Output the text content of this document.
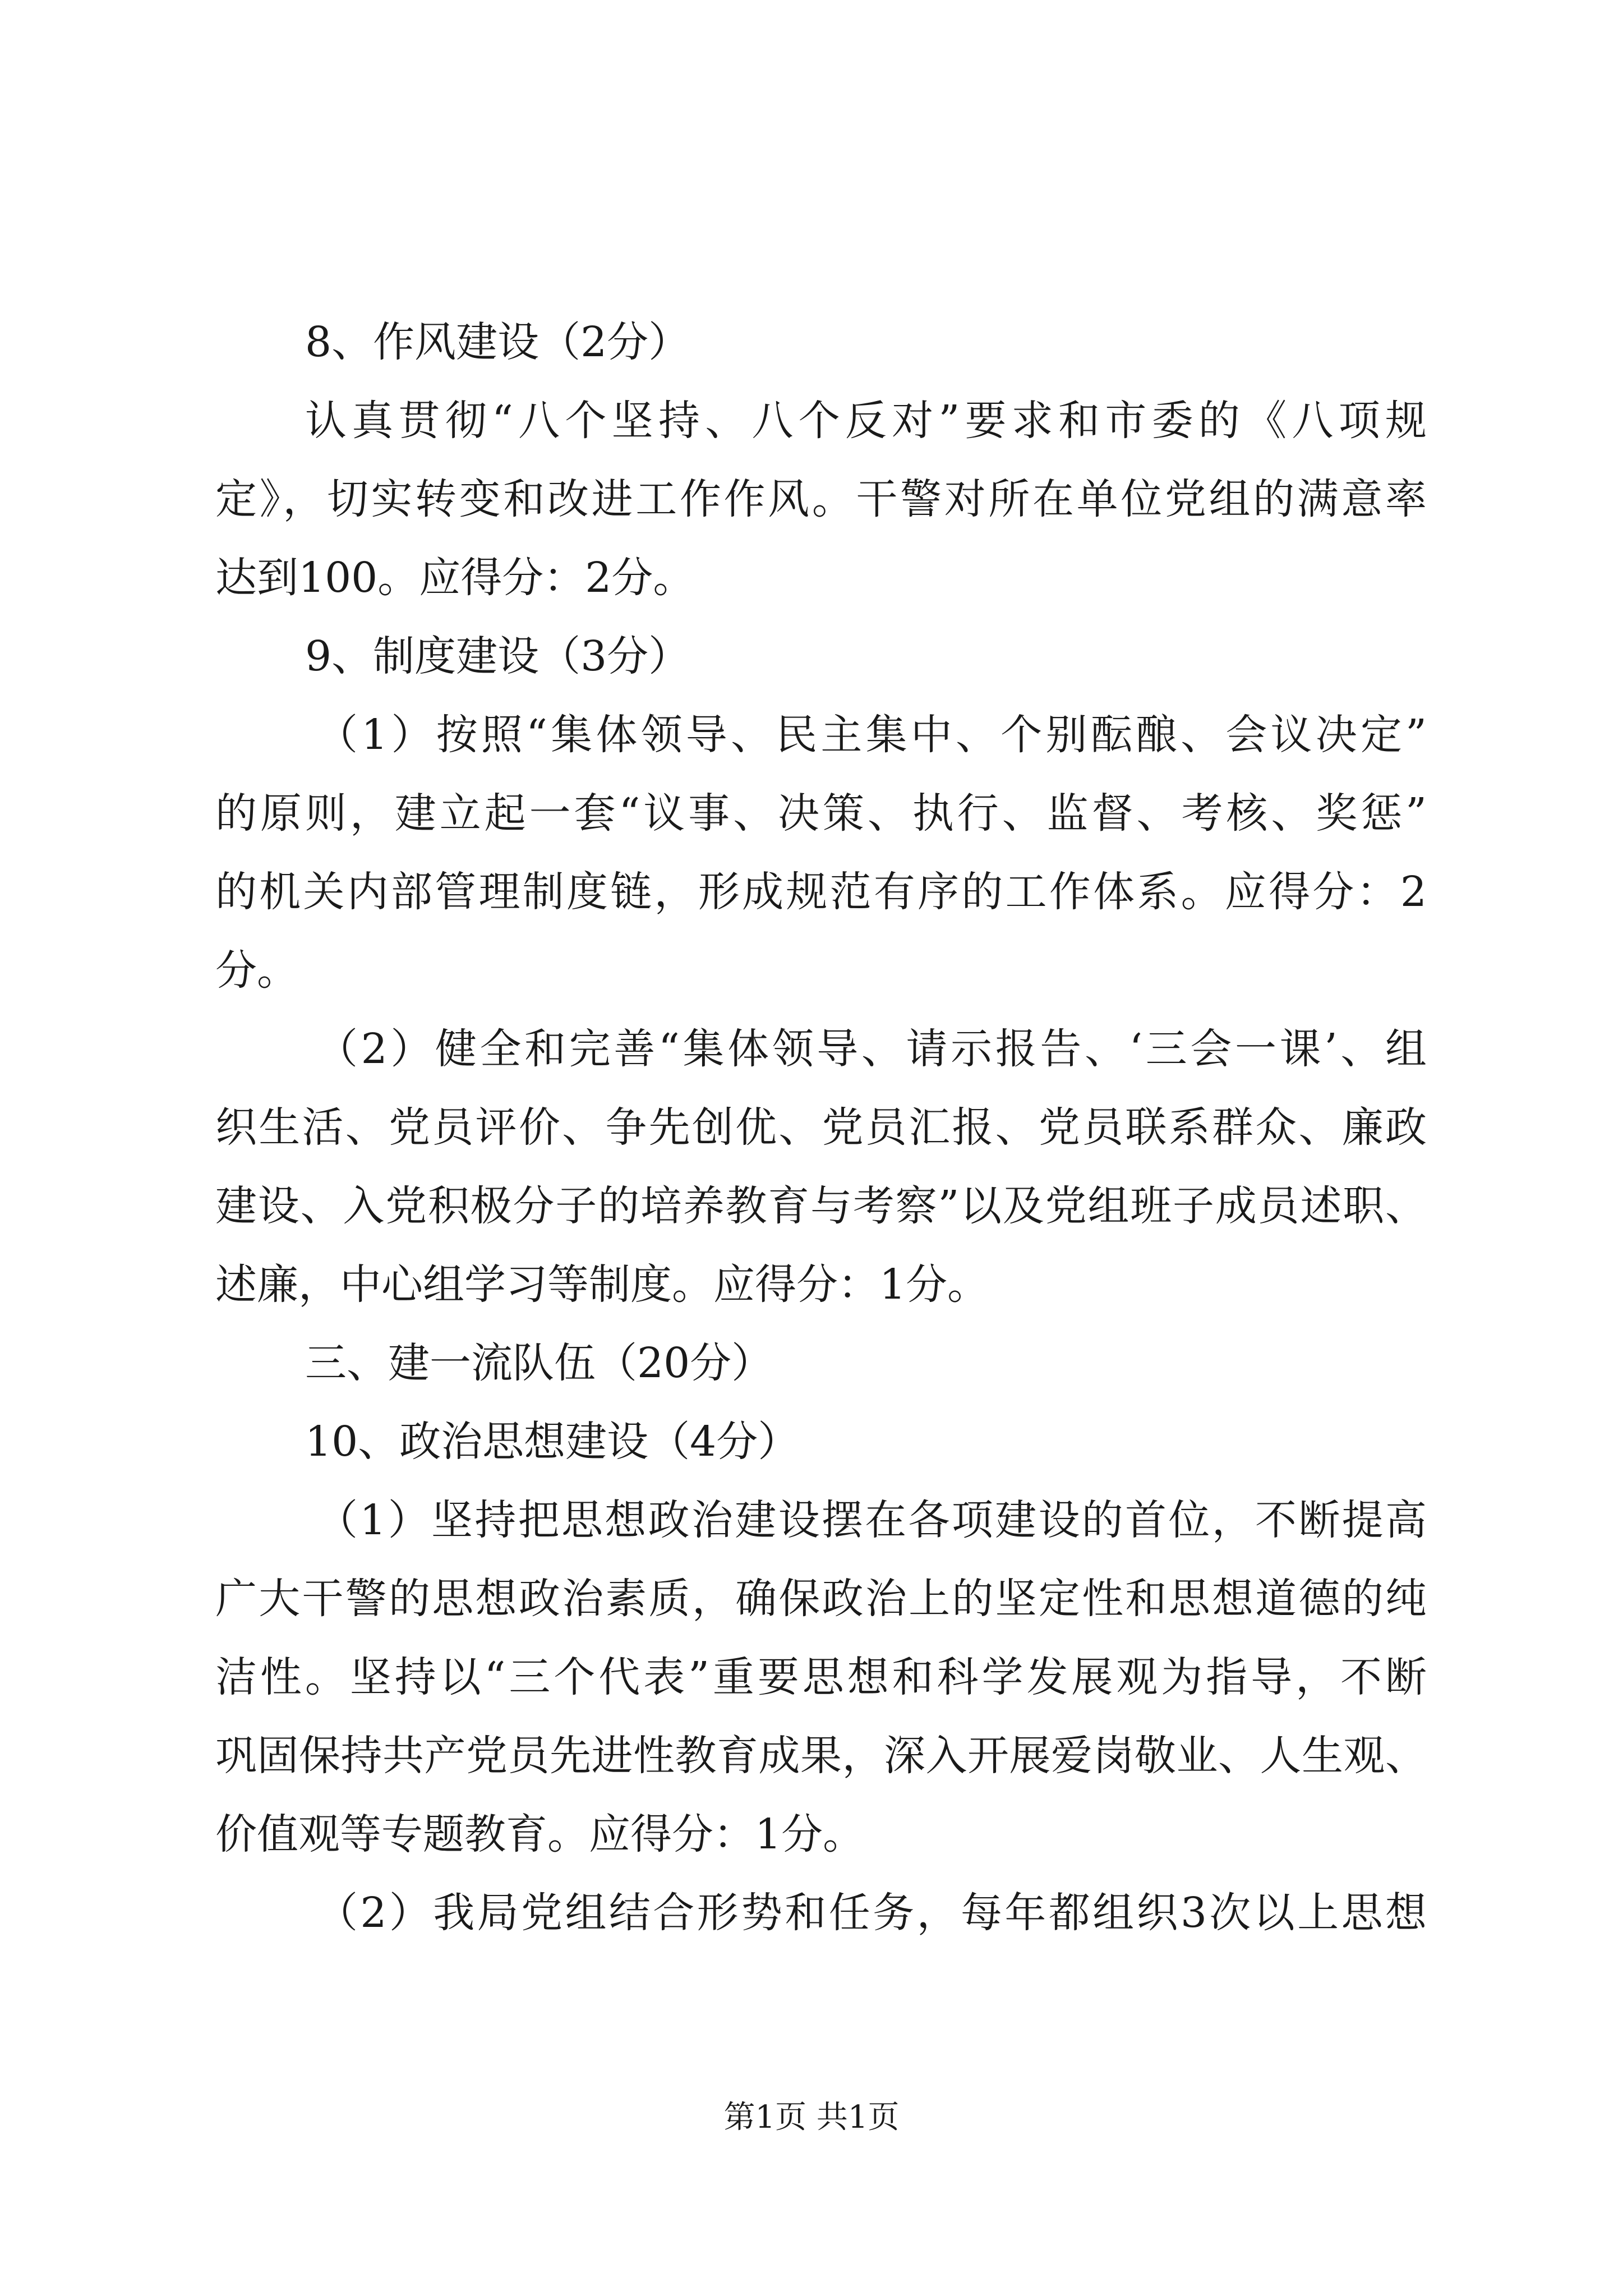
8、作风建设（2分）
认真贯彻“八个坚持、八个反对”要求和市委的《八项规
定》，切实转变和改进工作作风。干警对所在单位党组的满意率
达到100。应得分：2分。
9、制度建设（3分）
（1）按照“集体领导、民主集中、个别酝酿、会议决定”
的原则，建立起一套“议事、决策、执行、监督、考核、奖惩”
的机关内部管理制度链，形成规范有序的工作体系。应得分：2
分。
（2）健全和完善“集体领导、请示报告、‘三会一课’、组
织生活、党员评价、争先创优、党员汇报、党员联系群众、廉政
建设、入党积极分子的培养教育与考察”以及党组班子成员述职、
述廉，中心组学习等制度。应得分：1分。
三、建一流队伍（20分）
10、政治思想建设（4分）
（1）坚持把思想政治建设摆在各项建设的首位，不断提高
广大干警的思想政治素质，确保政治上的坚定性和思想道德的纯
洁性。坚持以“三个代表”重要思想和科学发展观为指导，不断
巩固保持共产党员先进性教育成果，深入开展爱岗敬业、人生观、
价值观等专题教育。应得分：1分。
（2）我局党组结合形势和任务，每年都组织3次以上思想
第1页 共1页
